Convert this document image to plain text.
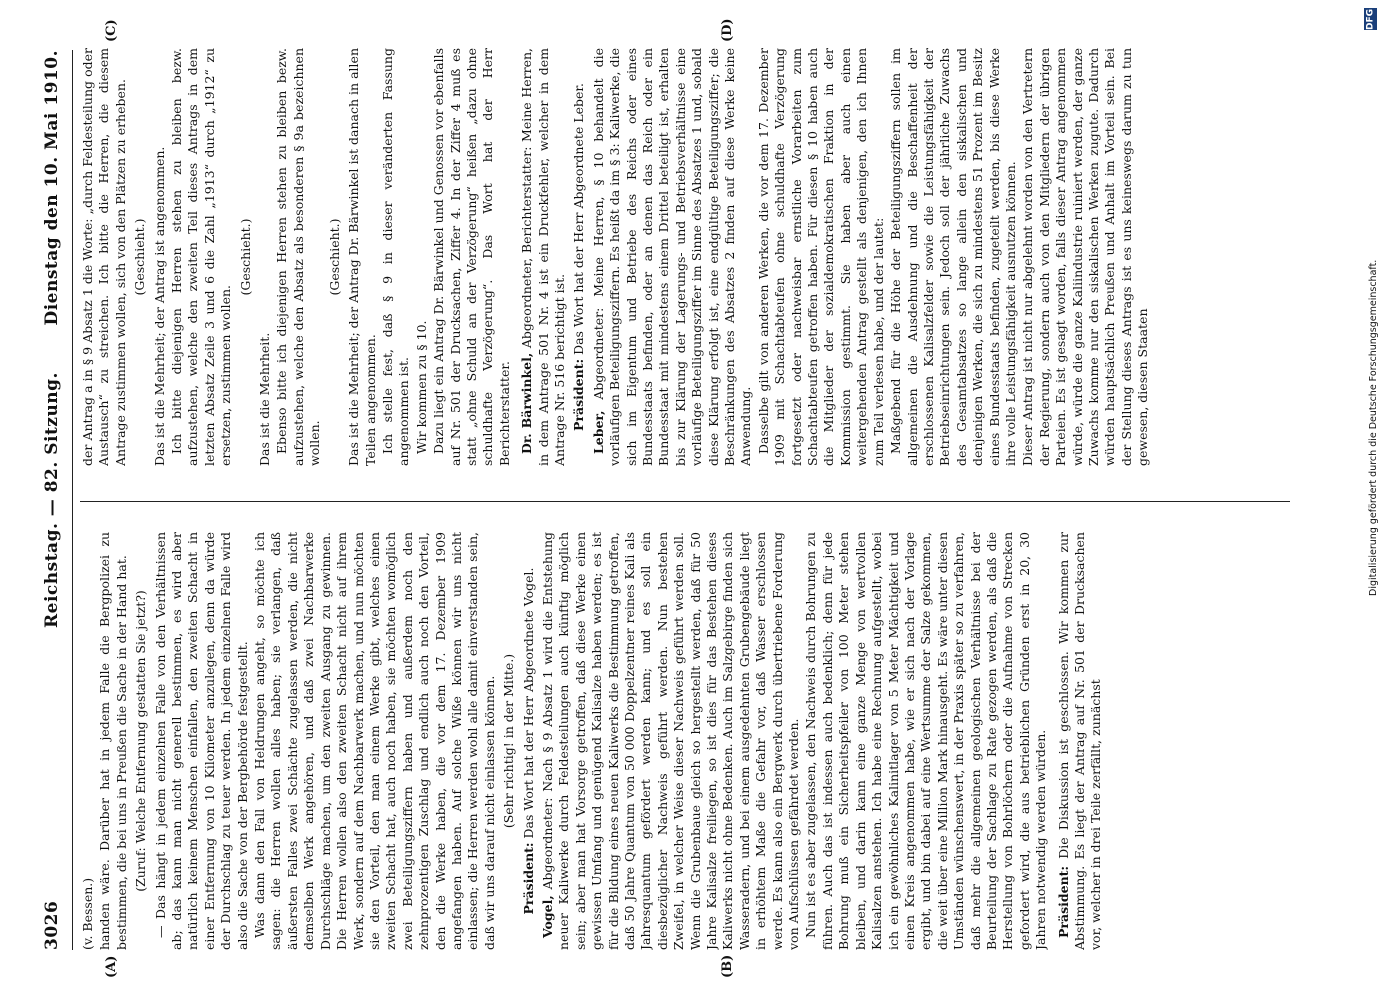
3026
Reichstag. — 82. Sitzung.
Dienstag den 10. Mai 1910.
(A)	(B)
(C)	(D)

(v. Bessen.) handen wäre. Darüber hat in jedem Falle die Bergpolizei zu bestimmen, die bei uns in Preußen die Sache in der Hand hat. (Zuruf: Welche Entfernung gestatten Sie jetzt?) — Das hängt in jedem einzelnen Falle von den Verhältnissen ab; das kann man nicht generell bestimmen, es wird aber natürlich keinem Menschen einfallen, den zweiten Schacht in einer Entfernung von 10 Kilometer anzulegen, denn da würde der Durchschlag zu teuer werden. In jedem einzelnen Falle wird also die Sache von der Bergbehörde festgestellt. Was dann den Fall von Heldrungen angeht, so möchte ich sagen: die Herren wollen alles haben; sie verlangen, daß äußersten Falles zwei Schächte zugelassen werden, die nicht demselben Werk angehören, und daß zwei Nachbarwerke Durchschläge machen, um den zweiten Ausgang zu gewinnen. Die Herren wollen also den zweiten Schacht nicht auf ihrem Werk, sondern auf dem Nachbarwerk machen, und nun möchten sie den Vorteil, den man einem Werke gibt, welches einen zweiten Schacht hat, auch noch haben, sie möchten womöglich zwei Beteiligungsziffern haben und außerdem noch den zehnprozentigen Zuschlag und endlich auch noch den Vorteil, den die Werke haben, die vor dem 17. Dezember 1909 angefangen haben. Auf solche Wiße können wir uns nicht einlassen; die Herren werden wohl alle damit einverstanden sein, daß wir uns darauf nicht einlassen können. (Sehr richtig! in der Mitte.)

Präsident: Das Wort hat der Herr Abgeordnete Vogel.

Vogel, Abgeordneter: Nach § 9 Absatz 1 wird die Entstehung neuer Kaliwerke durch Feldesteilungen auch künftig möglich sein; aber man hat Vorsorge getroffen, daß diese Werke einen gewissen Umfang und genügend Kalisalze haben werden; es ist für die Bildung eines neuen Kaliwerks die Bestimmung getroffen, daß 50 Jahre Quantum von 50 000 Doppelzentner reines Kali als Jahresquantum gefördert werden kann; und es soll ein diesbezüglicher Nachweis geführt werden. Nun bestehen Zweifel, in welcher Weise dieser Nachweis geführt werden soll. Wenn die Grubenbaue gleich so hergestellt werden, daß für 50 Jahre Kalisalze freiliegen, so ist dies für das Bestehen dieses Kaliwerks nicht ohne Bedenken. Auch im Salzgebirge finden sich Wasseradern, und bei einem ausgedehnten Grubengebäude liegt in erhöhtem Maße die Gefahr vor, daß Wasser erschlossen werde. Es kann also ein Bergwerk durch übertriebene Forderung von Aufschlüssen gefährdet werden. Nun ist es aber zugelassen, den Nachweis durch Bohrungen zu führen. Auch das ist indessen auch bedenklich; denn für jede Bohrung muß ein Sicherheitspfeiler von 100 Meter stehen bleiben, und darin kann eine ganze Menge von wertvollen Kalisalzen anstehen. Ich habe eine Rechnung aufgestellt, wobei ich ein gewöhnliches Kalinitlager von 5 Meter Mächtigkeit und einen Kreis angenommen habe, wie er sich nach der Vorlage ergibt, und bin dabei auf eine Wertsumme der Salze gekommen, die weit über eine Million Mark hinausgeht. Es wäre unter diesen Umständen wünschenswert, in der Praxis später so zu verfahren, daß mehr die allgemeinen geologischen Verhältnisse bei der Beurteilung der Sachlage zu Rate gezogen werden, als daß die Herstellung von Bohrlöchern oder die Aufnahme von Strecken gefordert wird, die aus betrieblichen Gründen erst in 20, 30 Jahren notwendig werden würden. Präsident: Die Diskussion ist geschlossen. Wir kommen zur Abstimmung. Es liegt der Antrag auf Nr. 501 der Drucksachen vor, welcher in drei Teile zerfällt, zunächst

der Antrag a in § 9 Absatz 1 die Worte: „durch Feldesteilung oder Austausch“ zu streichen. Ich bitte die Herren, die diesem Antrage zustimmen wollen, sich von den Plätzen zu erheben. (Geschieht.) Das ist die Mehrheit; der Antrag ist angenommen. Ich bitte diejenigen Herren stehen zu bleiben bezw. aufzustehen, welche den zweiten Teil dieses Antrags in dem letzten Absatz Zeile 3 und 6 die Zahl „1913“ durch „1912“ zu ersetzen, zustimmen wollen.

(Geschieht.)

Das ist die Mehrheit. Ebenso bitte ich diejenigen Herren stehen zu bleiben bezw. aufzustehen, welche den Absatz als besonderen § 9a bezeichnen wollen.

(Geschieht.) Das ist die Mehrheit; der Antrag Dr. Bärwinkel ist danach in allen Teilen angenommen. Ich stelle fest, daß § 9 in dieser veränderten Fassung angenommen ist. Wir kommen zu § 10. Dazu liegt ein Antrag Dr. Bärwinkel und Genossen vor ebenfalls auf Nr. 501 der Drucksachen, Ziffer 4. In der Ziffer 4 muß es statt „ohne Schuld an der Verzögerung“ heißen „dazu ohne schuldhafte Verzögerung“. Das Wort hat der Herr Berichterstatter. Dr. Bärwinkel, Abgeordneter, Berichterstatter: Meine Herren, in dem Antrage 501 Nr. 4 ist ein Druckfehler, welcher in dem Antrage Nr. 516 berichtigt ist. Präsident: Das Wort hat der Herr Abgeordnete Leber.

Leber, Abgeordneter: Meine Herren, § 10 behandelt die vorläufigen Beteiligungsziffern. Es heißt da im § 3: Kaliwerke, die sich im Eigentum und Betriebe des Reichs oder eines Bundesstaats befinden, oder an denen das Reich oder ein Bundesstaat mit mindestens einem Drittel beteiligt ist, erhalten bis zur Klärung der Lagerungs- und Betriebsverhältnisse eine vorläufige Beteiligungsziffer im Sinne des Absatzes 1 und, sobald diese Klärung erfolgt ist, eine endgültige Beteiligungsziffer; die Beschränkungen des Absatzes 2 finden auf diese Werke keine Anwendung. Dasselbe gilt von anderen Werken, die vor dem 17. Dezember 1909 mit Schachtabteufen ohne schuldhafte Verzögerung fortgesetzt oder nachweisbar ernstliche Vorarbeiten zum Schachtabteufen getroffen haben. Für diesen § 10 haben auch die Mitglieder der sozialdemokratischen Fraktion in der Kommission gestimmt. Sie haben aber auch einen weitergehenden Antrag gestellt als denjenigen, den ich Ihnen zum Teil verlesen habe, und der lautet: Maßgebend für die Höhe der Beteiligungsziffern sollen im allgemeinen die Ausdehnung und die Beschaffenheit der erschlossenen Kalisalzfelder sowie die Leistungsfähigkeit der Betriebseinrichtungen sein. Jedoch soll der jährliche Zuwachs des Gesamtabsatzes so lange allein den siskalischen und denjenigen Werken, die sich zu mindestens 51 Prozent im Besitz eines Bundesstaats befinden, zugeteilt werden, bis diese Werke ihre volle Leistungsfähigkeit ausnutzen können. Dieser Antrag ist nicht nur abgelehnt worden von den Vertretern der Regierung, sondern auch von den Mitgliedern der übrigen Parteien. Es ist gesagt worden, falls dieser Antrag angenommen würde, würde die ganze Kaliindustrie ruiniert werden, der ganze Zuwachs komme nur den siskalischen Werken zugute. Dadurch würden hauptsächlich Preußen und Anhalt im Vorteil sein. Bei der Stellung dieses Antrags ist es uns keineswegs darum zu tun gewesen, diesen Staaten

DFG
Digitalisierung gefördert durch die Deutsche Forschungsgemeinschaft.
